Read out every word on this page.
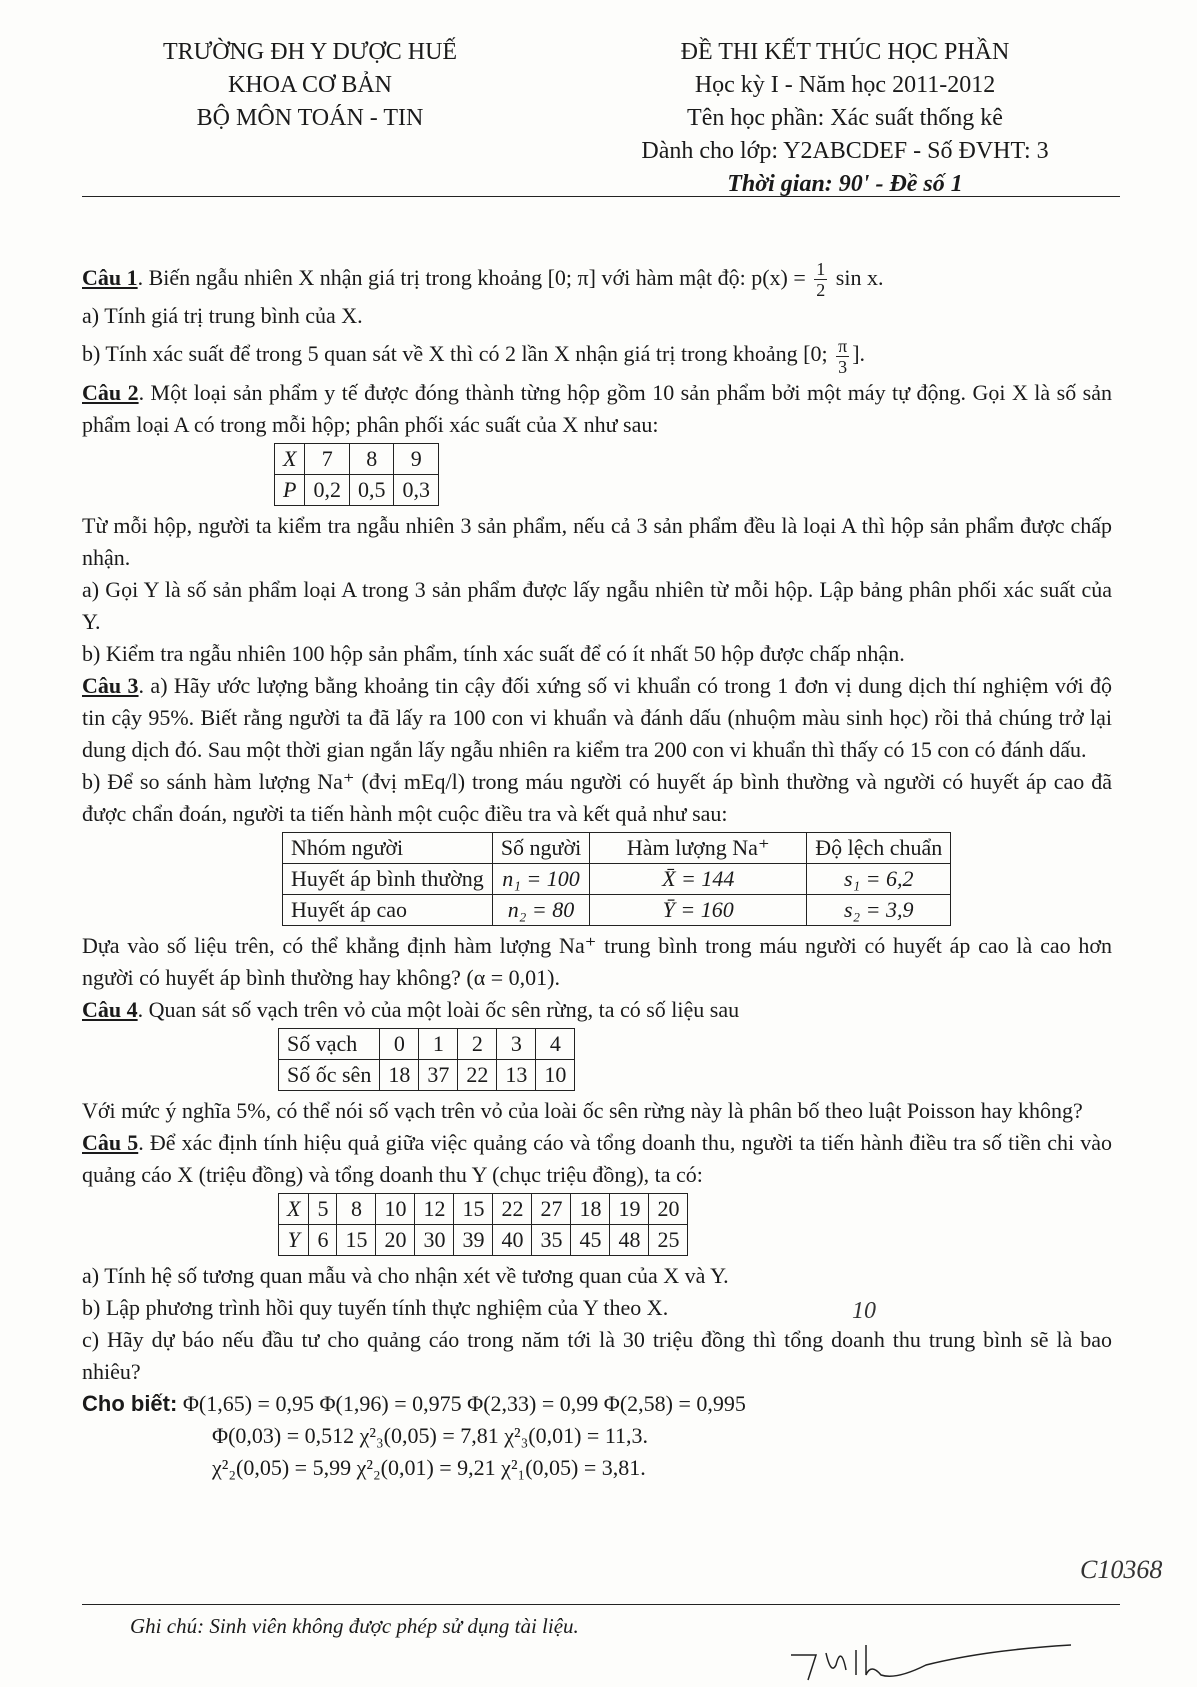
TRƯỜNG ĐH Y DƯỢC HUẾ
KHOA CƠ BẢN
BỘ MÔN TOÁN - TIN
ĐỀ THI KẾT THÚC HỌC PHẦN
Học kỳ I - Năm học 2011-2012
Tên học phần: Xác suất thống kê
Dành cho lớp: Y2ABCDEF - Số ĐVHT: 3
Thời gian: 90' - Đề số 1

Câu 1. Biến ngẫu nhiên X nhận giá trị trong khoảng [0; π] với hàm mật độ: $p(x) = \frac{1}{2}$ sin x.

a) Tính giá trị trung bình của X.

b) Tính xác suất để trong 5 quan sát về X thì có 2 lần X nhận giá trị trong khoảng [0; $\frac{\pi}{3}$ ].

Câu 2. Một loại sản phẩm y tế được đóng thành từng hộp gồm 10 sản phẩm bởi một máy tự động. Gọi X là số sản phẩm loại A có trong mỗi hộp; phân phối xác suất của X như sau:

X	7	8	9
P	0,2	0,5	0,3

Từ mỗi hộp, người ta kiểm tra ngẫu nhiên 3 sản phẩm, nếu cả 3 sản phẩm đều là loại A thì hộp sản phẩm được chấp nhận.

a) Gọi Y là số sản phẩm loại A trong 3 sản phẩm được lấy ngẫu nhiên từ mỗi hộp. Lập bảng phân phối xác suất của Y.

b) Kiểm tra ngẫu nhiên 100 hộp sản phẩm, tính xác suất để có ít nhất 50 hộp được chấp nhận.

Câu 3. a) Hãy ước lượng bằng khoảng tin cậy đối xứng số vi khuẩn có trong 1 đơn vị dung dịch thí nghiệm với độ tin cậy 95%. Biết rằng người ta đã lấy ra 100 con vi khuẩn và đánh dấu (nhuộm màu sinh học) rồi thả chúng trở lại dung dịch đó. Sau một thời gian ngắn lấy ngẫu nhiên ra kiểm tra 200 con vi khuẩn thì thấy có 15 con có đánh dấu.

b) Để so sánh hàm lượng Na⁺ (đvị mEq/l) trong máu người có huyết áp bình thường và người có huyết áp cao đã được chẩn đoán, người ta tiến hành một cuộc điều tra và kết quả như sau:

Nhóm người	Số người	Hàm lượng Na⁺	Độ lệch chuẩn
Huyết áp bình thường	n₁ = 100	X̄ = 144	s₁ = 6,2
Huyết áp cao	n₂ = 80	Ȳ = 160	s₂ = 3,9

Dựa vào số liệu trên, có thể khẳng định hàm lượng Na⁺ trung bình trong máu người có huyết áp cao là cao hơn người có huyết áp bình thường hay không? (α = 0,01).

Câu 4. Quan sát số vạch trên vỏ của một loài ốc sên rừng, ta có số liệu sau

Số vạch	0	1	2	3	4
Số ốc sên	18	37	22	13	10

Với mức ý nghĩa 5%, có thể nói số vạch trên vỏ của loài ốc sên rừng này là phân bố theo luật Poisson hay không?

Câu 5. Để xác định tính hiệu quả giữa việc quảng cáo và tổng doanh thu, người ta tiến hành điều tra số tiền chi vào quảng cáo X (triệu đồng) và tổng doanh thu Y (chục triệu đồng), ta có:

X	5	8	10	12	15	22	27	18	19	20
Y	6	15	20	30	39	40	35	45	48	25

a) Tính hệ số tương quan mẫu và cho nhận xét về tương quan của X và Y.

b) Lập phương trình hồi quy tuyến tính thực nghiệm của Y theo X.

c) Hãy dự báo nếu đầu tư cho quảng cáo trong năm tới là 30 triệu đồng thì tổng doanh thu trung bình sẽ là bao nhiêu?

Cho biết: Φ(1,65) = 0,95 Φ(1,96) = 0,975 Φ(2,33) = 0,99 Φ(2,58) = 0,995
Φ(0,03) = 0,512 χ²₃(0,05) = 7,81 χ²₃(0,01) = 11,3.
χ²₂(0,05) = 5,99 χ²₂(0,01) = 9,21 χ²₁(0,05) = 3,81.
Ghi chú: Sinh viên không được phép sử dụng tài liệu.
10
C10368
